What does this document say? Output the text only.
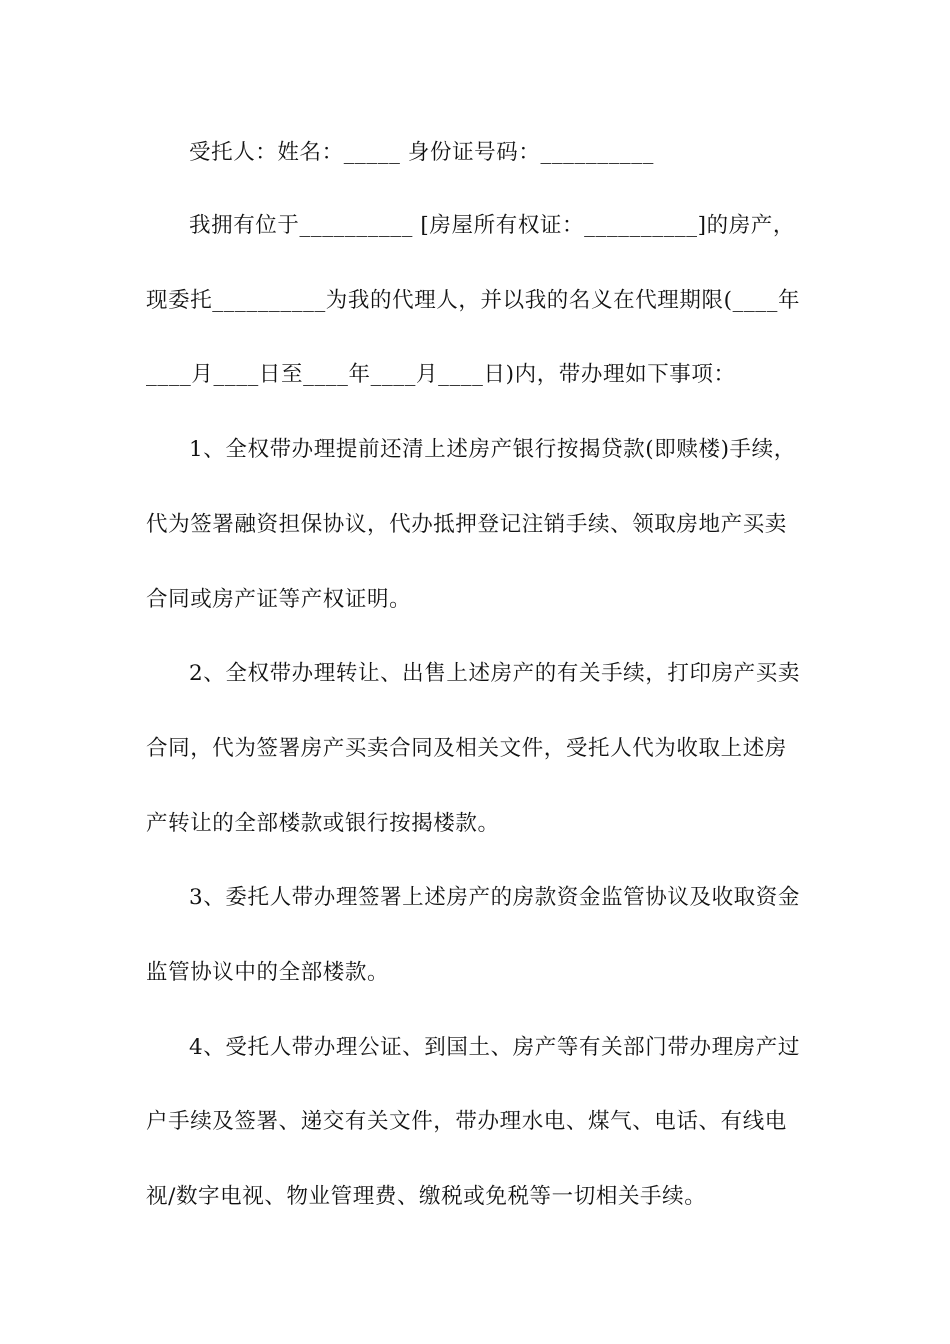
受托人：姓名：_____ 身份证号码：__________

我拥有位于__________ [房屋所有权证：__________]的房产，

现委托__________为我的代理人，并以我的名义在代理期限(____年

____月____日至____年____月____日)内，带办理如下事项：

1、全权带办理提前还清上述房产银行按揭贷款(即赎楼)手续，

代为签署融资担保协议，代办抵押登记注销手续、领取房地产买卖

合同或房产证等产权证明。

2、全权带办理转让、出售上述房产的有关手续，打印房产买卖

合同，代为签署房产买卖合同及相关文件，受托人代为收取上述房

产转让的全部楼款或银行按揭楼款。

3、委托人带办理签署上述房产的房款资金监管协议及收取资金

监管协议中的全部楼款。

4、受托人带办理公证、到国土、房产等有关部门带办理房产过

户手续及签署、递交有关文件，带办理水电、煤气、电话、有线电

视/数字电视、物业管理费、缴税或免税等一切相关手续。
